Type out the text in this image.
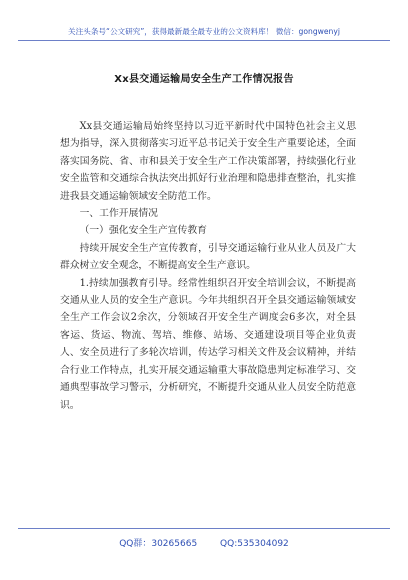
关注头条号“公文研究”，获得最新最全最专业的公文资料库！ 微信：gongwenyj
Xx县交通运输局安全生产工作情况报告

Xx县交通运输局始终坚持以习近平新时代中国特色社会主义思想为指导，深入贯彻落实习近平总书记关于安全生产重要论述，全面落实国务院、省、市和县关于安全生产工作决策部署，持续强化行业安全监管和交通综合执法突出抓好行业治理和隐患排查整治，扎实推进我县交通运输领域安全防范工作。

一、工作开展情况

（一）强化安全生产宣传教育

持续开展安全生产宣传教育，引导交通运输行业从业人员及广大群众树立安全观念，不断提高安全生产意识。

1.持续加强教育引导。经常性组织召开安全培训会议，不断提高交通从业人员的安全生产意识。今年共组织召开全县交通运输领域安全生产工作会议2余次，分领域召开安全生产调度会6多次，对全县客运、货运、物流、驾培、维修、站场、交通建设项目等企业负责人、安全员进行了多轮次培训，传达学习相关文件及会议精神，并结合行业工作特点，扎实开展交通运输重大事故隐患判定标准学习、交通典型事故学习警示，分析研究，不断提升交通从业人员安全防范意识。

QQ群：30265665        QQ:535304092
